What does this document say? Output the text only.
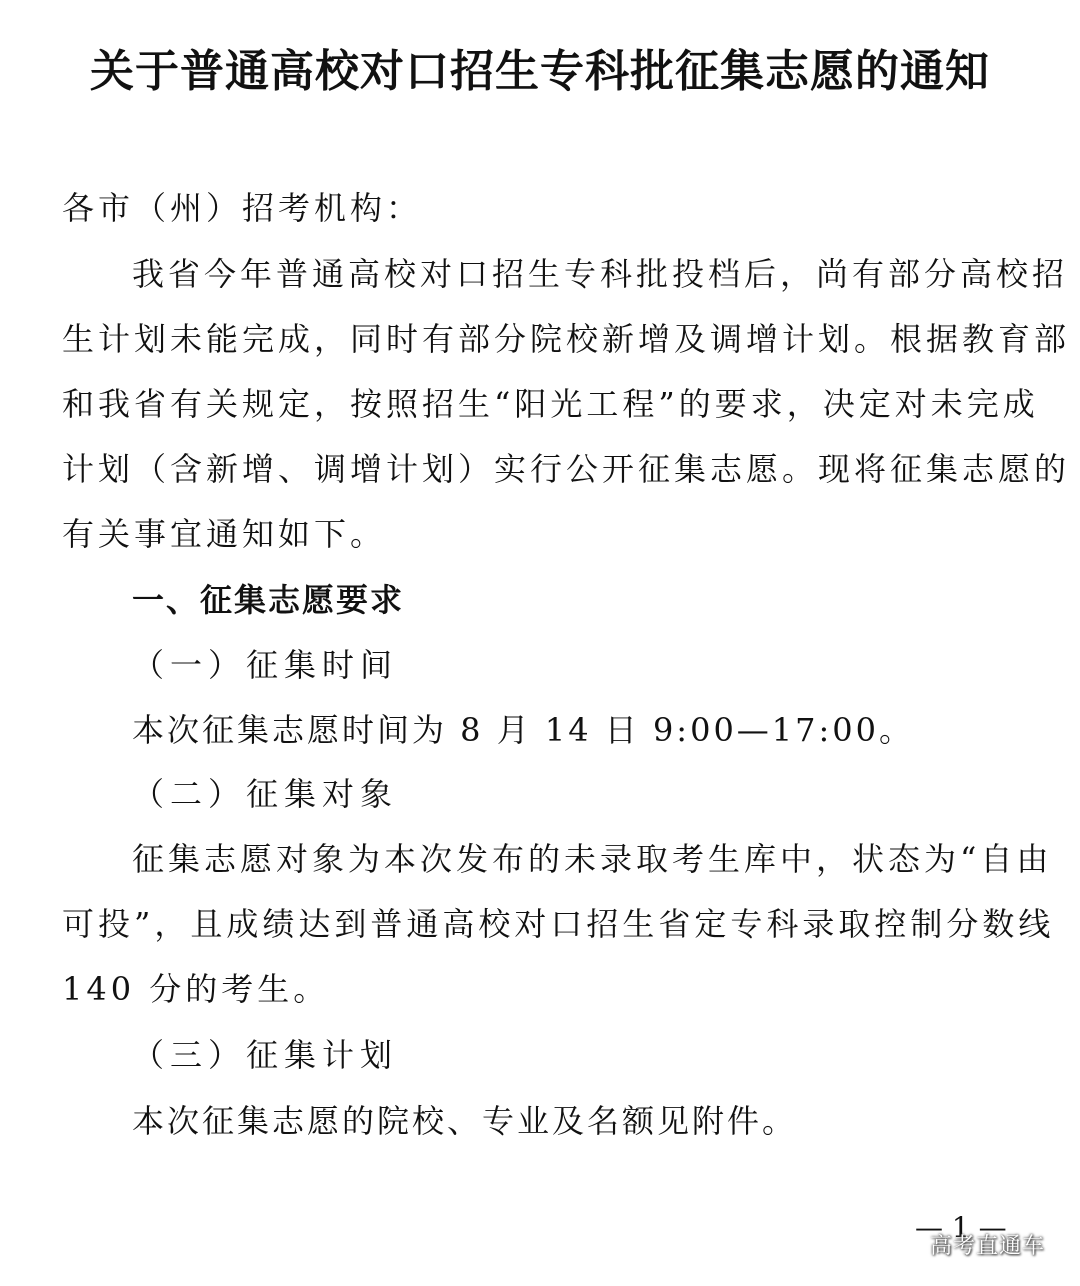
关于普通高校对口招生专科批征集志愿的通知
各市（州）招考机构：
我省今年普通高校对口招生专科批投档后，尚有部分高校招
生计划未能完成，同时有部分院校新增及调增计划。根据教育部
和我省有关规定，按照招生“阳光工程”的要求，决定对未完成
计划（含新增、调增计划）实行公开征集志愿。现将征集志愿的
有关事宜通知如下。
一、征集志愿要求
（一）征集时间
本次征集志愿时间为 8 月 14 日 9:00—17:00。
（二）征集对象
征集志愿对象为本次发布的未录取考生库中，状态为“自由
可投”，且成绩达到普通高校对口招生省定专科录取控制分数线
140 分的考生。
（三）征集计划
本次征集志愿的院校、专业及名额见附件。
— 1 —
高考直通车
